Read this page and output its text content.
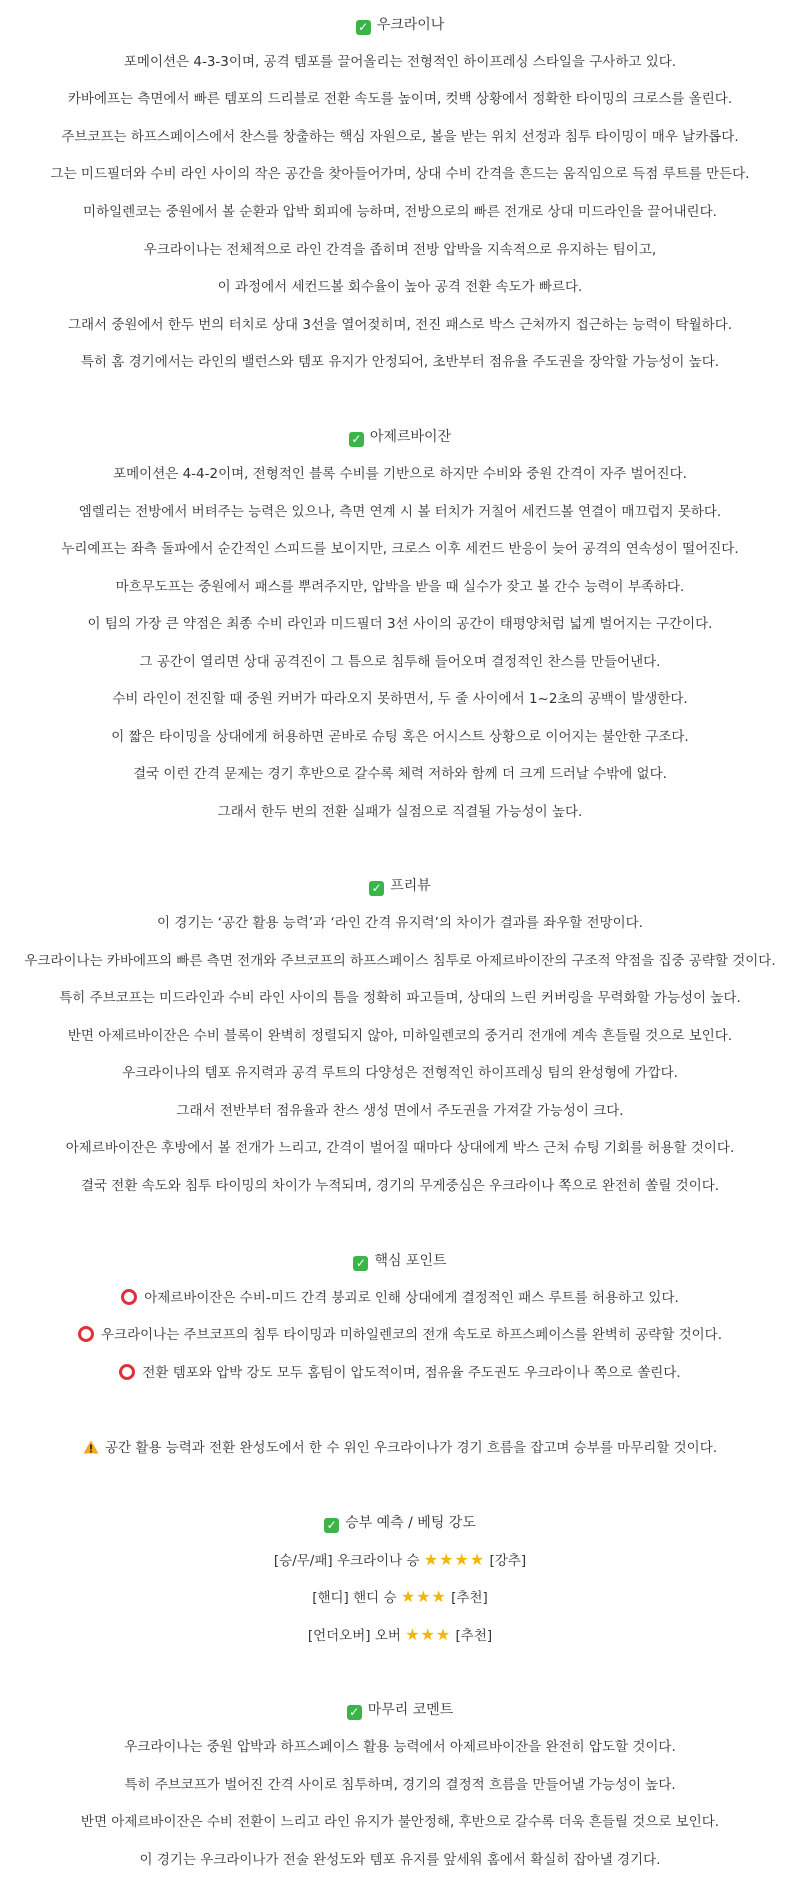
✓ 우크라이나
포메이션은 4-3-3이며, 공격 템포를 끌어올리는 전형적인 하이프레싱 스타일을 구사하고 있다.
카바에프는 측면에서 빠른 템포의 드리블로 전환 속도를 높이며, 컷백 상황에서 정확한 타이밍의 크로스를 올린다.
주브코프는 하프스페이스에서 찬스를 창출하는 핵심 자원으로, 볼을 받는 위치 선정과 침투 타이밍이 매우 날카롭다.
그는 미드필더와 수비 라인 사이의 작은 공간을 찾아들어가며, 상대 수비 간격을 흔드는 움직임으로 득점 루트를 만든다.
미하일렌코는 중원에서 볼 순환과 압박 회피에 능하며, 전방으로의 빠른 전개로 상대 미드라인을 끌어내린다.
우크라이나는 전체적으로 라인 간격을 좁히며 전방 압박을 지속적으로 유지하는 팀이고,
이 과정에서 세컨드볼 회수율이 높아 공격 전환 속도가 빠르다.
그래서 중원에서 한두 번의 터치로 상대 3선을 열어젖히며, 전진 패스로 박스 근처까지 접근하는 능력이 탁월하다.
특히 홈 경기에서는 라인의 밸런스와 템포 유지가 안정되어, 초반부터 점유율 주도권을 장악할 가능성이 높다.
✓ 아제르바이잔
포메이션은 4-4-2이며, 전형적인 블록 수비를 기반으로 하지만 수비와 중원 간격이 자주 벌어진다.
엠렐리는 전방에서 버텨주는 능력은 있으나, 측면 연계 시 볼 터치가 거칠어 세컨드볼 연결이 매끄럽지 못하다.
누리예프는 좌측 돌파에서 순간적인 스피드를 보이지만, 크로스 이후 세컨드 반응이 늦어 공격의 연속성이 떨어진다.
마흐무도프는 중원에서 패스를 뿌려주지만, 압박을 받을 때 실수가 잦고 볼 간수 능력이 부족하다.
이 팀의 가장 큰 약점은 최종 수비 라인과 미드필더 3선 사이의 공간이 태평양처럼 넓게 벌어지는 구간이다.
그 공간이 열리면 상대 공격진이 그 틈으로 침투해 들어오며 결정적인 찬스를 만들어낸다.
수비 라인이 전진할 때 중원 커버가 따라오지 못하면서, 두 줄 사이에서 1~2초의 공백이 발생한다.
이 짧은 타이밍을 상대에게 허용하면 곧바로 슈팅 혹은 어시스트 상황으로 이어지는 불안한 구조다.
결국 이런 간격 문제는 경기 후반으로 갈수록 체력 저하와 함께 더 크게 드러날 수밖에 없다.
그래서 한두 번의 전환 실패가 실점으로 직결될 가능성이 높다.
✓ 프리뷰
이 경기는 ‘공간 활용 능력’과 ‘라인 간격 유지력’의 차이가 결과를 좌우할 전망이다.
우크라이나는 카바에프의 빠른 측면 전개와 주브코프의 하프스페이스 침투로 아제르바이잔의 구조적 약점을 집중 공략할 것이다.
특히 주브코프는 미드라인과 수비 라인 사이의 틈을 정확히 파고들며, 상대의 느린 커버링을 무력화할 가능성이 높다.
반면 아제르바이잔은 수비 블록이 완벽히 정렬되지 않아, 미하일렌코의 중거리 전개에 계속 흔들릴 것으로 보인다.
우크라이나의 템포 유지력과 공격 루트의 다양성은 전형적인 하이프레싱 팀의 완성형에 가깝다.
그래서 전반부터 점유율과 찬스 생성 면에서 주도권을 가져갈 가능성이 크다.
아제르바이잔은 후방에서 볼 전개가 느리고, 간격이 벌어질 때마다 상대에게 박스 근처 슈팅 기회를 허용할 것이다.
결국 전환 속도와 침투 타이밍의 차이가 누적되며, 경기의 무게중심은 우크라이나 쪽으로 완전히 쏠릴 것이다.
✓ 핵심 포인트
아제르바이잔은 수비-미드 간격 붕괴로 인해 상대에게 결정적인 패스 루트를 허용하고 있다.
우크라이나는 주브코프의 침투 타이밍과 미하일렌코의 전개 속도로 하프스페이스를 완벽히 공략할 것이다.
전환 템포와 압박 강도 모두 홈팀이 압도적이며, 점유율 주도권도 우크라이나 쪽으로 쏠린다.
공간 활용 능력과 전환 완성도에서 한 수 위인 우크라이나가 경기 흐름을 잡고며 승부를 마무리할 것이다.
✓ 승부 예측 / 베팅 강도
[승/무/패] 우크라이나 승 ★★★★ [강추]
[핸디] 핸디 승 ★★★ [추천]
[언더오버] 오버 ★★★ [추천]
✓ 마무리 코멘트
우크라이나는 중원 압박과 하프스페이스 활용 능력에서 아제르바이잔을 완전히 압도할 것이다.
특히 주브코프가 벌어진 간격 사이로 침투하며, 경기의 결정적 흐름을 만들어낼 가능성이 높다.
반면 아제르바이잔은 수비 전환이 느리고 라인 유지가 불안정해, 후반으로 갈수록 더욱 흔들릴 것으로 보인다.
이 경기는 우크라이나가 전술 완성도와 템포 유지를 앞세워 홈에서 확실히 잡아낼 경기다.
